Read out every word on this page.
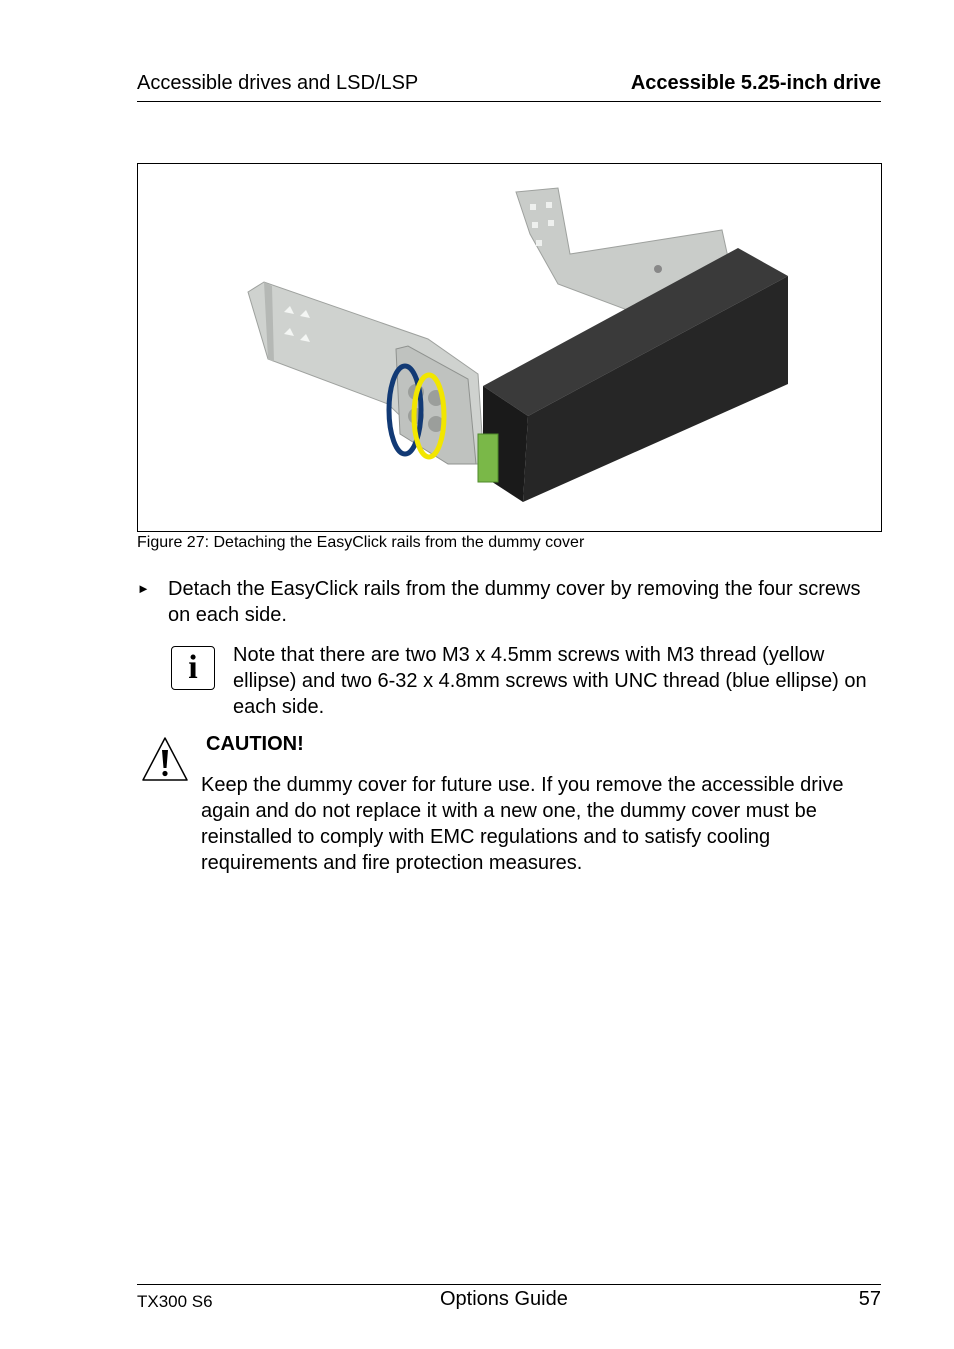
Accessible drives and LSD/LSP	Accessible 5.25-inch drive
Figure 27: Detaching the EasyClick rails from the dummy cover
► Detach the EasyClick rails from the dummy cover by removing the four screws on each side.
i	Note that there are two M3 x 4.5mm screws with M3 thread (yellow ellipse) and two 6-32 x 4.8mm screws with UNC thread (blue ellipse) on each side.
CAUTION!
Keep the dummy cover for future use. If you remove the accessible drive again and do not replace it with a new one, the dummy cover must be reinstalled to comply with EMC regulations and to satisfy cooling requirements and fire protection measures.
TX300 S6	Options Guide	57
